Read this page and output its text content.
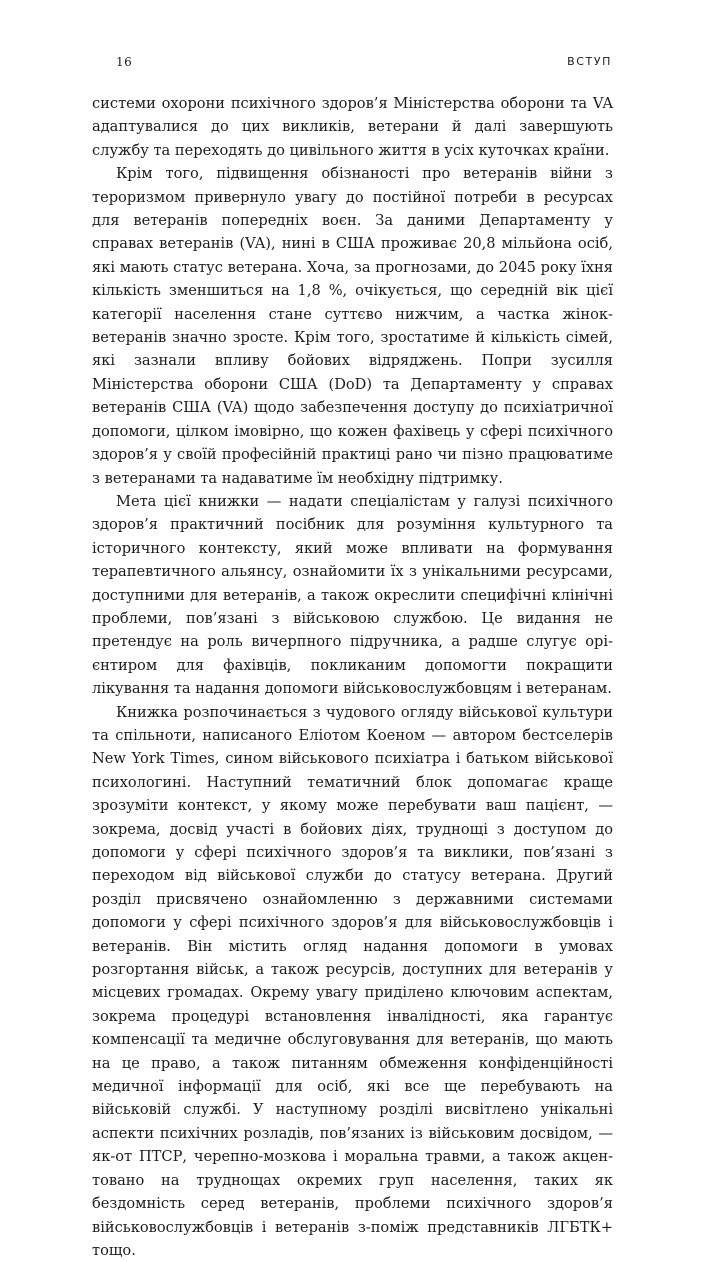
16	ВСТУП

системи охорони психічного здоров’я Міністерства оборони та VA адаптувалися до цих викликів, ветерани й далі завершують службу та переходять до цивільного життя в усіх куточках країни.

Крім того, підвищення обізнаності про ветеранів війни з тероризмом привернуло увагу до постійної потреби в ресурсах для ветеранів попередніх воєн. За даними Департаменту у справах ветеранів (VA), нині в США проживає 20,8 мільйона осіб, які мають статус ветерана. Хоча, за прогнозами, до 2045 року їхня кількість зменшиться на 1,8 %, очікується, що середній вік цієї категорії населення стане суттєво нижчим, а частка жінок-ветеранів значно зросте. Крім того, зростатиме й кількість сімей, які зазнали впливу бойових відряджень. Попри зусилля Міністерства оборони США (DoD) та Департаменту у справах ветеранів США (VA) щодо забезпечення доступу до психіатричної допомоги, цілком імовірно, що кожен фахівець у сфері психічного здоров’я у своїй професійній практиці рано чи пізно працюватиме з ветеранами та надаватиме їм необхідну підтримку.

Мета цієї книжки — надати спеціалістам у галузі психічного здоров’я практичний посібник для розуміння культурного та історичного контексту, який може впливати на формування терапевтичного альянсу, ознайомити їх з унікальними ресурсами, доступними для ветеранів, а також окреслити специфічні клінічні проблеми, пов’язані з військовою службою. Це видання не претендує на роль вичерпного підручника, а радше слугує орієнтиром для фахівців, покликаним допомогти покращити лікування та надання допомоги військовослужбовцям і ветеранам.

Книжка розпочинається з чудового огляду військової культури та спільноти, написаного Еліотом Коеном — автором бестселерів New York Times, сином військового психіатра і батьком військової психологині. Наступний тематичний блок допомагає краще зрозуміти контекст, у якому може перебувати ваш пацієнт, — зокрема, досвід участі в бойових діях, труднощі з доступом до допомоги у сфері психічного здоров’я та виклики, пов’язані з переходом від військової служби до статусу ветерана. Другий розділ присвячено ознайомленню з державними системами допомоги у сфері психічного здоров’я для військовослужбовців і ветеранів. Він містить огляд надання допомоги в умовах розгортання військ, а також ресурсів, доступних для ветеранів у місцевих громадах. Окрему увагу приділено ключовим аспектам, зокрема процедурі встановлення інвалідності, яка гарантує компенсації та медичне обслуговування для ветеранів, що мають на це право, а також питанням обмеження конфіденційності медичної інформації для осіб, які все ще перебувають на військовій службі. У наступному розділі висвітлено унікальні аспекти психічних розладів, пов’язаних із військовим досвідом, — як-от ПТСР, черепно-мозкова і моральна травми, а також акцентовано на труднощах окремих груп населення, таких як бездомність серед ветеранів, проблеми психічного здоров’я військовослужбовців і ветеранів з-поміж представників ЛГБТК+ тощо.
